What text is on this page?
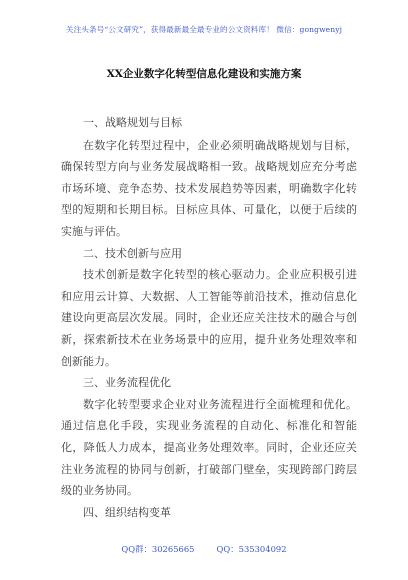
关注头条号“公文研究”，获得最新最全最专业的公文资料库！ 微信：gongwenyj
XX企业数字化转型信息化建设和实施方案

一、战略规划与目标

在数字化转型过程中，企业必须明确战略规划与目标，确保转型方向与业务发展战略相一致。战略规划应充分考虑市场环境、竞争态势、技术发展趋势等因素，明确数字化转型的短期和长期目标。目标应具体、可量化，以便于后续的实施与评估。

二、技术创新与应用

技术创新是数字化转型的核心驱动力。企业应积极引进和应用云计算、大数据、人工智能等前沿技术，推动信息化建设向更高层次发展。同时，企业还应关注技术的融合与创新，探索新技术在业务场景中的应用，提升业务处理效率和创新能力。

三、业务流程优化

数字化转型要求企业对业务流程进行全面梳理和优化。通过信息化手段，实现业务流程的自动化、标准化和智能化，降低人力成本，提高业务处理效率。同时，企业还应关注业务流程的协同与创新，打破部门壁垒，实现跨部门跨层级的业务协同。

四、组织结构变革

QQ群：30265665	QQ：535304092
